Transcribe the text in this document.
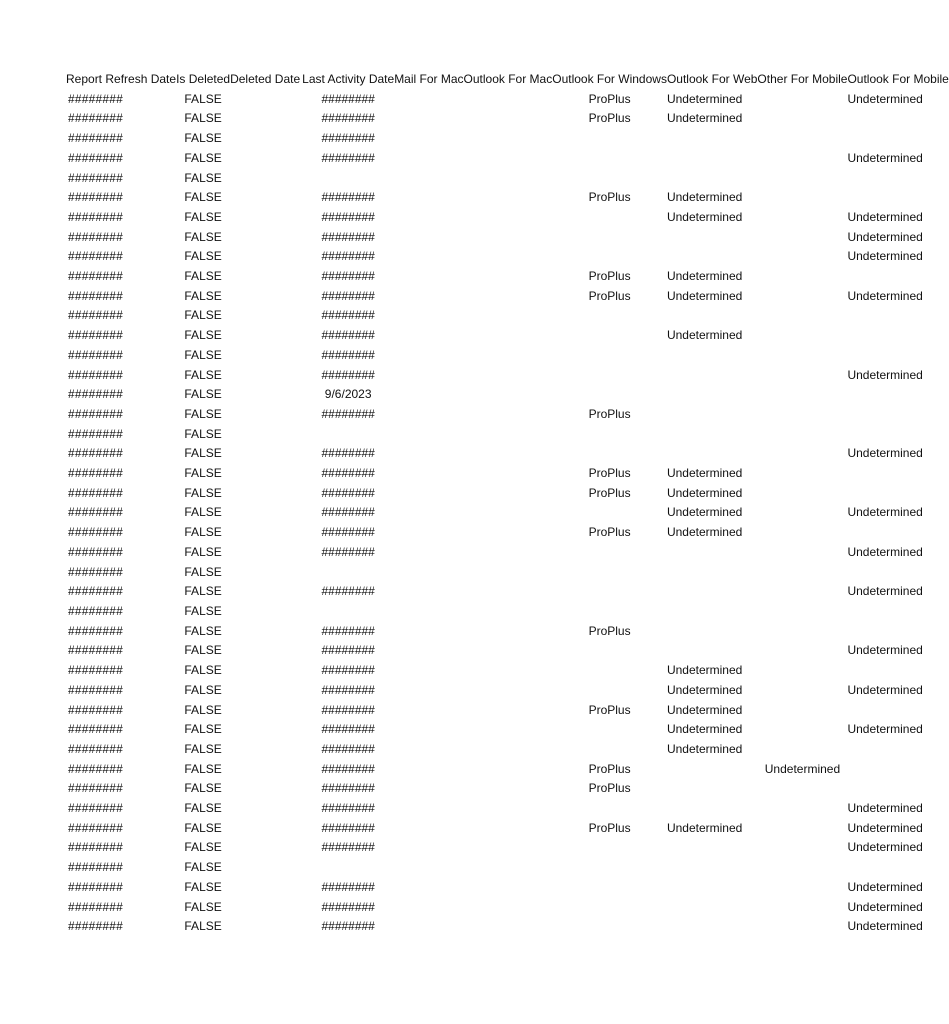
Report Refresh Date	Is Deleted	Deleted Date	Last Activity Date	Mail For Mac	Outlook For Mac	Outlook For Windows	Outlook For Web	Other For Mobile	Outlook For Mobile
########	FALSE		########			ProPlus	Undetermined		Undetermined
########	FALSE		########			ProPlus	Undetermined		
########	FALSE		########						
########	FALSE		########						Undetermined
########	FALSE								
########	FALSE		########			ProPlus	Undetermined		
########	FALSE		########				Undetermined		Undetermined
########	FALSE		########						Undetermined
########	FALSE		########						Undetermined
########	FALSE		########			ProPlus	Undetermined		
########	FALSE		########			ProPlus	Undetermined		Undetermined
########	FALSE		########						
########	FALSE		########				Undetermined		
########	FALSE		########						
########	FALSE		########						Undetermined
########	FALSE		9/6/2023						
########	FALSE		########			ProPlus			
########	FALSE								
########	FALSE		########						Undetermined
########	FALSE		########			ProPlus	Undetermined		
########	FALSE		########			ProPlus	Undetermined		
########	FALSE		########				Undetermined		Undetermined
########	FALSE		########			ProPlus	Undetermined		
########	FALSE		########						Undetermined
########	FALSE								
########	FALSE		########						Undetermined
########	FALSE								
########	FALSE		########			ProPlus			
########	FALSE		########						Undetermined
########	FALSE		########				Undetermined		
########	FALSE		########				Undetermined		Undetermined
########	FALSE		########			ProPlus	Undetermined		
########	FALSE		########				Undetermined		Undetermined
########	FALSE		########				Undetermined		
########	FALSE		########			ProPlus		Undetermined	
########	FALSE		########			ProPlus			
########	FALSE		########						Undetermined
########	FALSE		########			ProPlus	Undetermined		Undetermined
########	FALSE		########						Undetermined
########	FALSE								
########	FALSE		########						Undetermined
########	FALSE		########						Undetermined
########	FALSE		########						Undetermined
